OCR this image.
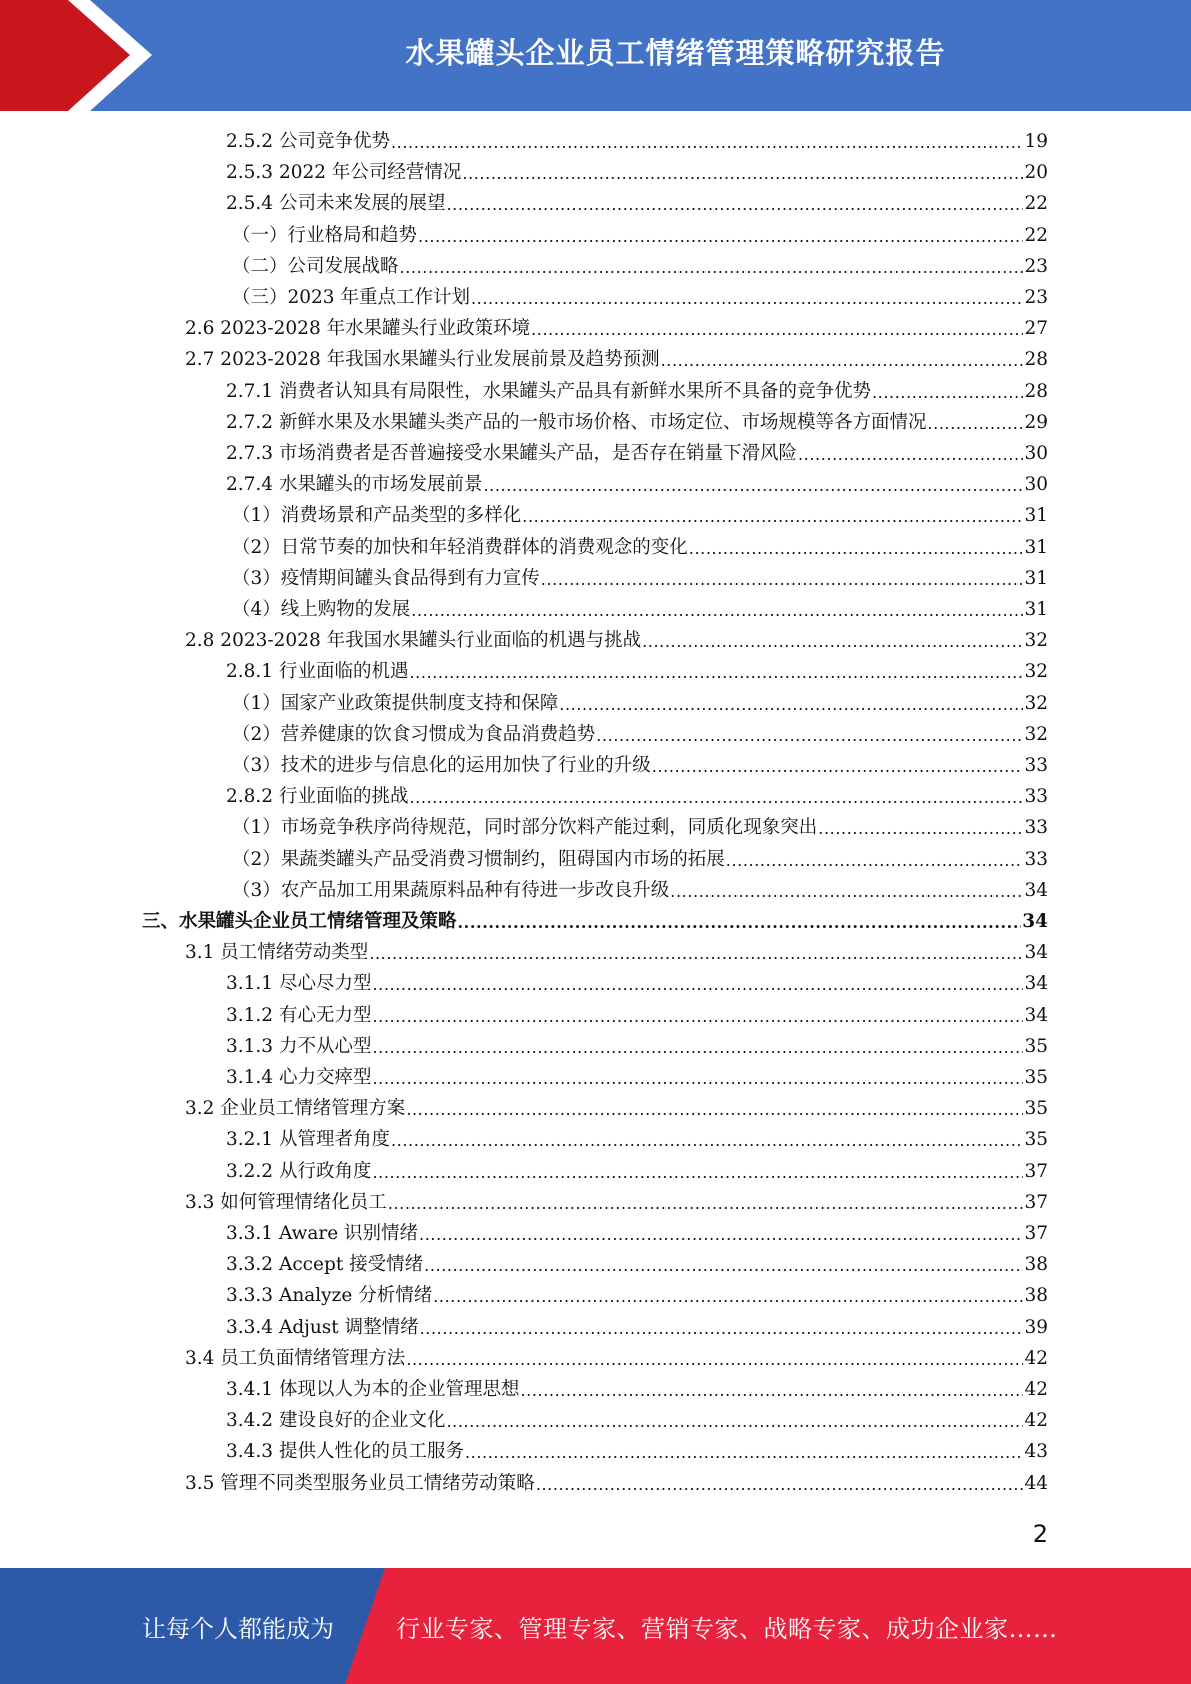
水果罐头企业员工情绪管理策略研究报告
2.5.2 公司竞争优势 .....	19
2.5.3 2022 年公司经营情况 .....	20
2.5.4 公司未来发展的展望 .....	22
（一）行业格局和趋势 .....	22
（二）公司发展战略 .....	23
（三）2023 年重点工作计划 .....	23
2.6 2023-2028 年水果罐头行业政策环境 .....	27
2.7 2023-2028 年我国水果罐头行业发展前景及趋势预测 .....	28
2.7.1 消费者认知具有局限性，水果罐头产品具有新鲜水果所不具备的竞争优势 .....	28
2.7.2 新鲜水果及水果罐头类产品的一般市场价格、市场定位、市场规模等各方面情况 .....	29
2.7.3 市场消费者是否普遍接受水果罐头产品，是否存在销量下滑风险 .....	30
2.7.4 水果罐头的市场发展前景 .....	30
（1）消费场景和产品类型的多样化 .....	31
（2）日常节奏的加快和年轻消费群体的消费观念的变化 .....	31
（3）疫情期间罐头食品得到有力宣传 .....	31
（4）线上购物的发展 .....	31
2.8 2023-2028 年我国水果罐头行业面临的机遇与挑战 .....	32
2.8.1 行业面临的机遇 .....	32
（1）国家产业政策提供制度支持和保障 .....	32
（2）营养健康的饮食习惯成为食品消费趋势 .....	32
（3）技术的进步与信息化的运用加快了行业的升级 .....	33
2.8.2 行业面临的挑战 .....	33
（1）市场竞争秩序尚待规范，同时部分饮料产能过剩，同质化现象突出 .....	33
（2）果蔬类罐头产品受消费习惯制约，阻碍国内市场的拓展 .....	33
（3）农产品加工用果蔬原料品种有待进一步改良升级 .....	34
三、水果罐头企业员工情绪管理及策略 .....	34
3.1 员工情绪劳动类型 .....	34
3.1.1 尽心尽力型 .....	34
3.1.2 有心无力型 .....	34
3.1.3 力不从心型 .....	35
3.1.4 心力交瘁型 .....	35
3.2 企业员工情绪管理方案 .....	35
3.2.1 从管理者角度 .....	35
3.2.2 从行政角度 .....	37
3.3 如何管理情绪化员工 .....	37
3.3.1 Aware 识别情绪 .....	37
3.3.2 Accept 接受情绪 .....	38
3.3.3 Analyze 分析情绪 .....	38
3.3.4 Adjust 调整情绪 .....	39
3.4 员工负面情绪管理方法 .....	42
3.4.1 体现以人为本的企业管理思想 .....	42
3.4.2 建设良好的企业文化 .....	42
3.4.3 提供人性化的员工服务 .....	43
3.5 管理不同类型服务业员工情绪劳动策略 .....	44
2
让每个人都能成为	行业专家、管理专家、营销专家、战略专家、成功企业家……
